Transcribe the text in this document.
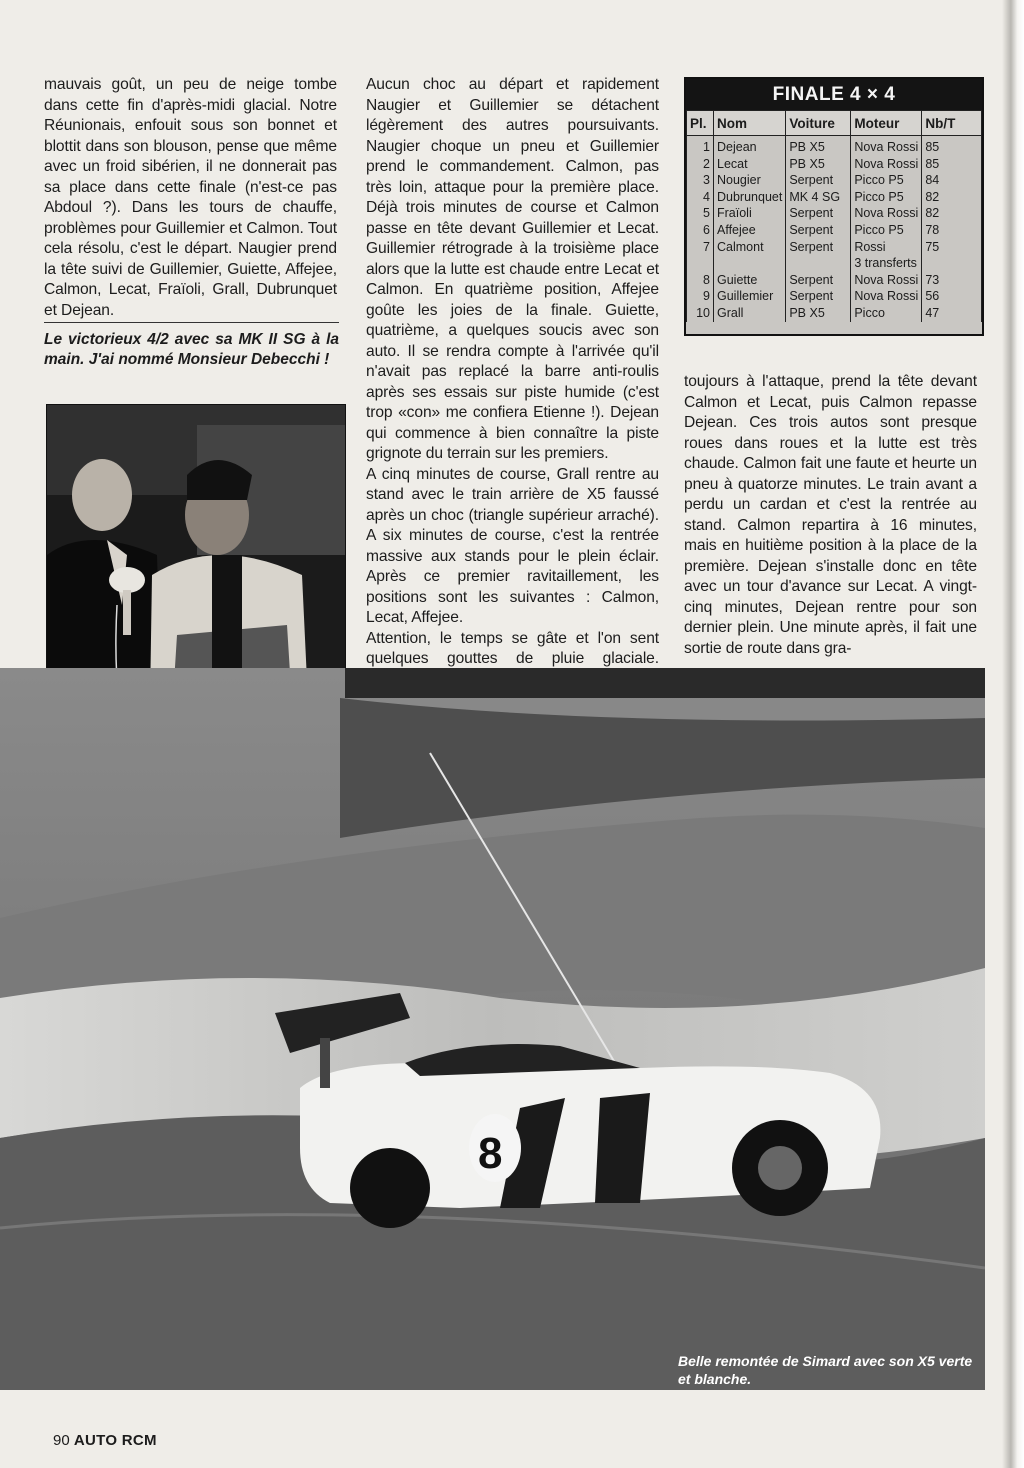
mauvais goût, un peu de neige tombe dans cette fin d'après-midi glacial. Notre Réunionais, enfouit sous son bonnet et blottit dans son blouson, pense que même avec un froid sibérien, il ne donnerait pas sa place dans cette finale (n'est-ce pas Abdoul ?). Dans les tours de chauffe, problèmes pour Guillemier et Calmon. Tout cela résolu, c'est le départ. Naugier prend la tête suivi de Guillemier, Guiette, Affejee, Calmon, Lecat, Fraïoli, Grall, Dubrunquet et Dejean.

Le victorieux 4/2 avec sa MK II SG à la main. J'ai nommé Monsieur Debecchi !

Aucun choc au départ et rapidement Naugier et Guillemier se détachent légèrement des autres poursuivants. Naugier choque un pneu et Guillemier prend le commandement. Calmon, pas très loin, attaque pour la première place. Déjà trois minutes de course et Calmon passe en tête devant Guillemier et Lecat. Guillemier rétrograde à la troisième place alors que la lutte est chaude entre Lecat et Calmon. En quatrième position, Affejee goûte les joies de la finale. Guiette, quatrième, a quelques soucis avec son auto. Il se rendra compte à l'arrivée qu'il n'avait pas replacé la barre anti-roulis après ses essais sur piste humide (c'est trop «con» me confiera Etienne !). Dejean qui commence à bien connaître la piste grignote du terrain sur les premiers.

A cinq minutes de course, Grall rentre au stand avec le train arrière de X5 faussé après un choc (triangle supérieur arraché). A six minutes de course, c'est la rentrée massive aux stands pour le plein éclair. Après ce premier ravitaillement, les positions sont les suivantes : Calmon, Lecat, Affejee.

Attention, le temps se gâte et l'on sent quelques gouttes de pluie glaciale.

FINALE 4 × 4
Pl.	Nom	Voiture	Moteur	Nb/T
1	Dejean	PB X5	Nova Rossi	85
2	Lecat	PB X5	Nova Rossi	85
3	Nougier	Serpent	Picco P5	84
4	Dubrunquet	MK 4 SG	Picco P5	82
5	Fraïoli	Serpent	Nova Rossi	82
6	Affejee	Serpent	Picco P5	78
7	Calmont	Serpent	Rossi	75
			3 transferts	
8	Guiette	Serpent	Nova Rossi	73
9	Guillemier	Serpent	Nova Rossi	56
10	Grall	PB X5	Picco	47

toujours à l'attaque, prend la tête devant Calmon et Lecat, puis Calmon repasse Dejean. Ces trois autos sont presque roues dans roues et la lutte est très chaude. Calmon fait une faute et heurte un pneu à quatorze minutes. Le train avant a perdu un cardan et c'est la rentrée au stand. Calmon repartira à 16 minutes, mais en huitième position à la place de la première. Dejean s'installe donc en tête avec un tour d'avance sur Lecat. A vingt-cinq minutes, Dejean rentre pour son dernier plein. Une minute après, il fait une sortie de route dans gra-

8
Belle remontée de Simard avec son X5 verte et blanche.
90 AUTO RCM
